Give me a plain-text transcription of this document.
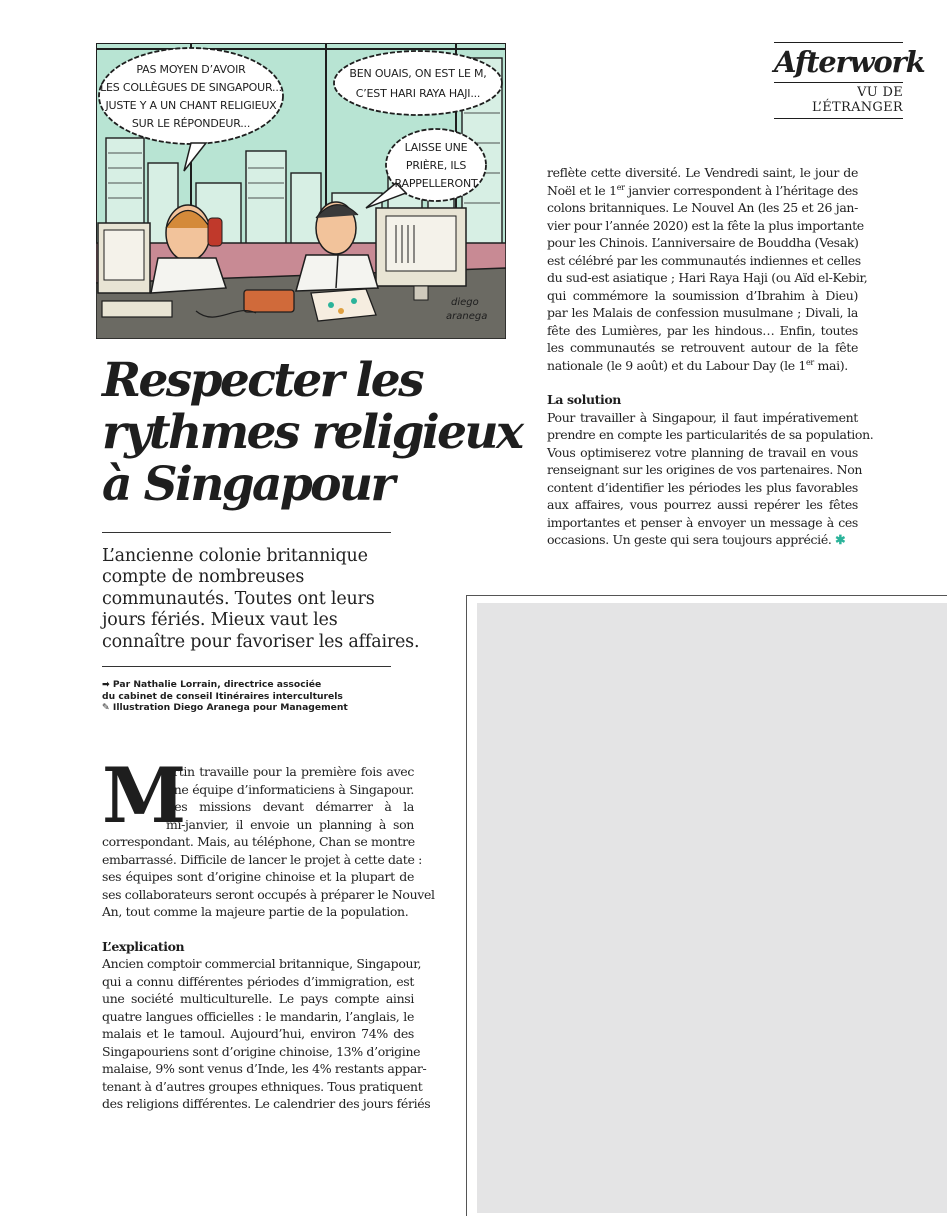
PAS MOYEN D’AVOIR
LES COLLÈGUES DE SINGAPOUR...
JUSTE Y A UN CHANT RELIGIEUX
SUR LE RÉPONDEUR...
BEN OUAIS, ON EST LE M,
C’EST HARI RAYA HAJI...
LAISSE UNE
PRIÈRE, ILS
RAPPELLERONT
diego
aranega
Afterwork
VU DE
L’ÉTRANGER
Respecter les
rythmes religieux
à Singapour
L’ancienne colonie britannique
compte de nombreuses
communautés. Toutes ont leurs
jours fériés. Mieux vaut les
connaître pour favoriser les affaires.
➡ Par Nathalie Lorrain, directrice associée
du cabinet de conseil Itinéraires interculturels
✎ Illustration Diego Aranega pour Management
M
artin travaille pour la première fois avec
une équipe d’informaticiens à Singapour.
Ses missions devant démarrer à la
mi-janvier, il envoie un planning à son
correspondant. Mais, au téléphone, Chan se montre
embarrassé. Difficile de lancer le projet à cette date :
ses équipes sont d’origine chinoise et la plupart de
ses collaborateurs seront occupés à préparer le Nouvel
An, tout comme la majeure partie de la population.
L’explication
Ancien comptoir commercial britannique, Singapour,
qui a connu différentes périodes d’immigration, est
une société multiculturelle. Le pays compte ainsi
quatre langues officielles : le mandarin, l’anglais, le
malais et le tamoul. Aujourd’hui, environ 74% des
Singapouriens sont d’origine chinoise, 13% d’origine
malaise, 9% sont venus d’Inde, les 4% restants appar-
tenant à d’autres groupes ethniques. Tous pratiquent
des religions différentes. Le calendrier des jours fériés
reflète cette diversité. Le Vendredi saint, le jour de
Noël et le 1er janvier correspondent à l’héritage des
colons britanniques. Le Nouvel An (les 25 et 26 jan-
vier pour l’année 2020) est la fête la plus importante
pour les Chinois. L’anniversaire de Bouddha (Vesak)
est célébré par les communautés indiennes et celles
du sud-est asiatique ; Hari Raya Haji (ou Aïd el-Kebir,
qui commémore la soumission d’Ibrahim à Dieu)
par les Malais de confession musulmane ; Divali, la
fête des Lumières, par les hindous… Enfin, toutes
les communautés se retrouvent autour de la fête
nationale (le 9 août) et du Labour Day (le 1er mai).
La solution
Pour travailler à Singapour, il faut impérativement
prendre en compte les particularités de sa population.
Vous optimiserez votre planning de travail en vous
renseignant sur les origines de vos partenaires. Non
content d’identifier les périodes les plus favorables
aux affaires, vous pourrez aussi repérer les fêtes
importantes et penser à envoyer un message à ces
occasions. Un geste qui sera toujours apprécié. ✱
